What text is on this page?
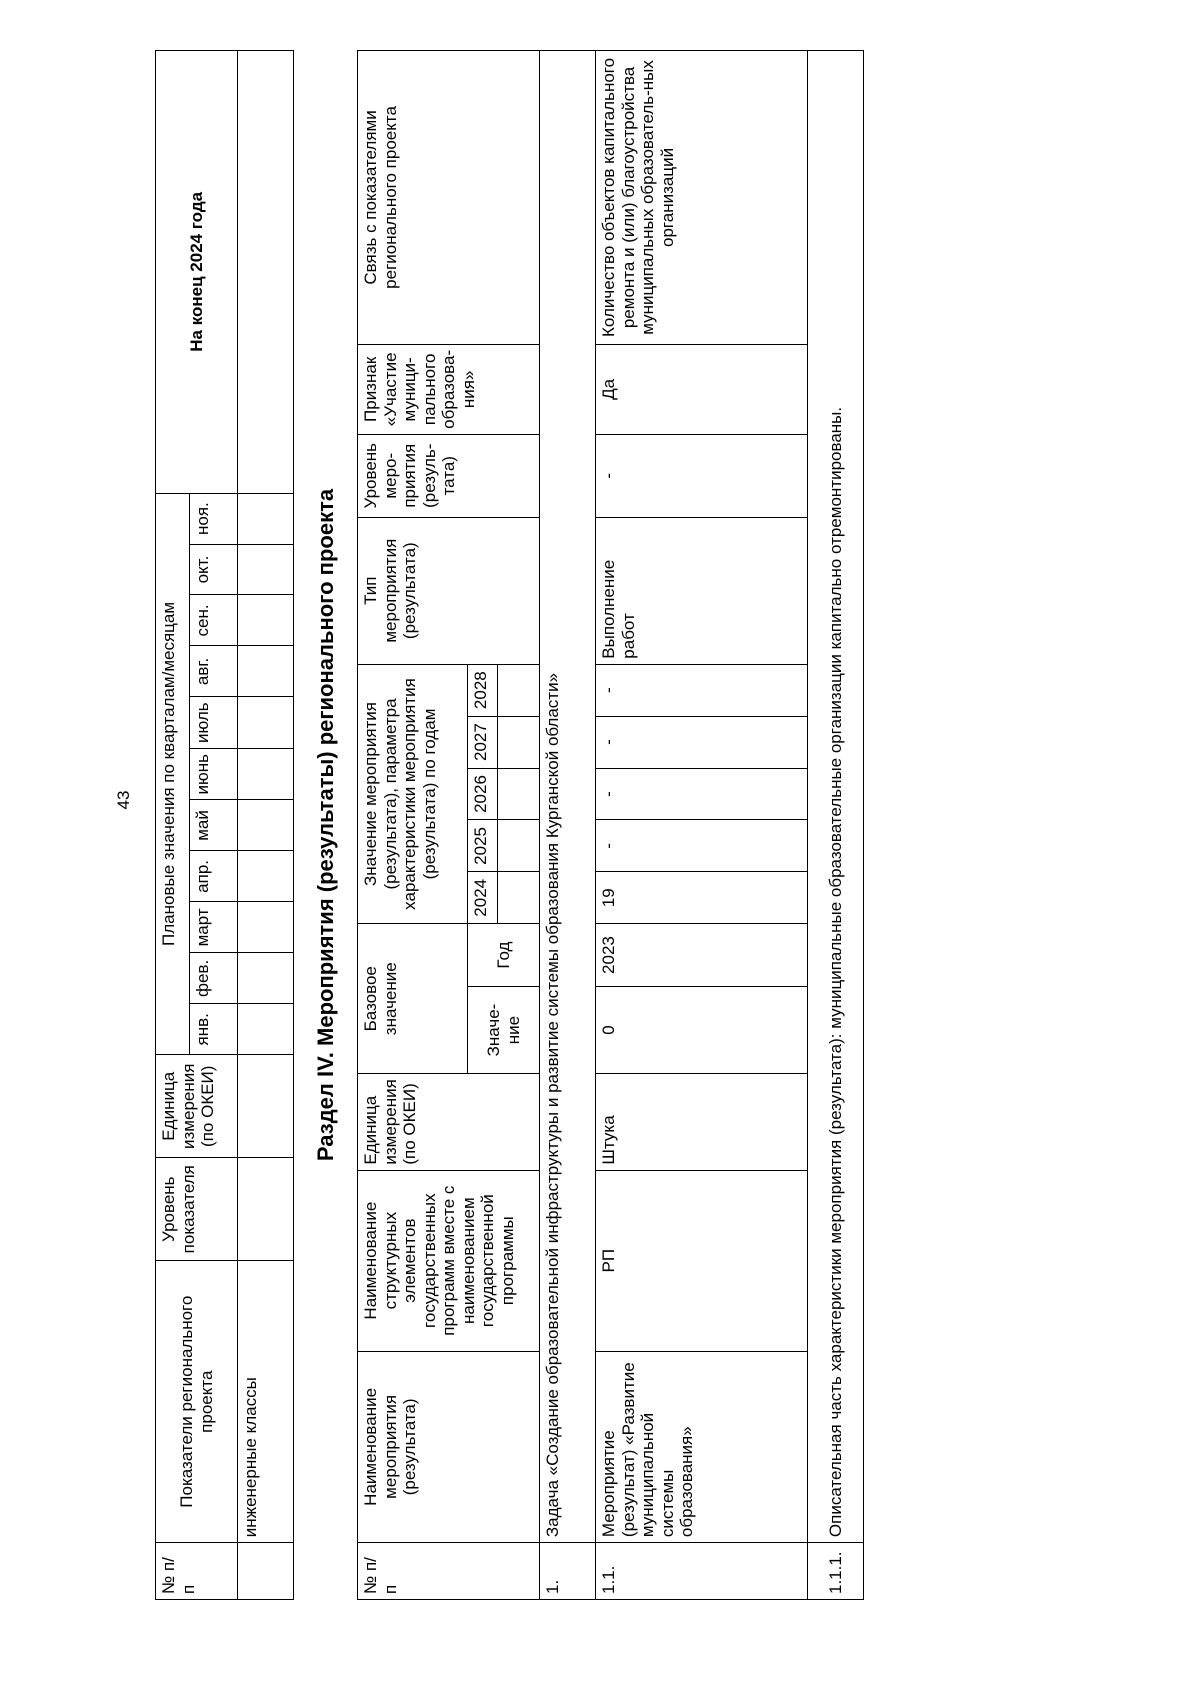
43
№ п/п	Показатели регионального проекта	Уровень показателя	Единица измерения (по ОКЕИ)	Плановые значения по кварталам/месяцам											На конец 2024 года
				янв.	фев.	март	апр.	май	июнь	июль	авг.	сен.	окт.	ноя.	
	инженерные классы														
Раздел IV. Мероприятия (результаты) регионального проекта
№ п/п	Наименование мероприятия (результата)	Наименование структурных элементов государственных программ вместе с наименованием государственной программы	Единица измерения (по ОКЕИ)	Базовое значение		Значение мероприятия (результата), параметра характеристики мероприятия (результата) по годам					Тип мероприятия (результата)	Уровень меро-приятия (резуль-тата)	Признак «Участие муници-пального образова-ния»	Связь с показателями регионального проекта
				Значе-ние	Год	2024	2025	2026	2027	2028				

1.	Задача «Создание образовательной инфраструктуры и развитие системы образования Курганской области»													
1.1.	Мероприятие (результат) «Развитие муниципальной системы образования»	РП	Штука	0	2023	19	-	-	-	-	Выполнение работ	-	Да	Количество объектов капитального ремонта и (или) благоустройства муниципальных образователь-ных организаций
1.1.1.	Описательная часть характеристики мероприятия (результата): муниципальные образовательные организации капитально отремонтированы.													
